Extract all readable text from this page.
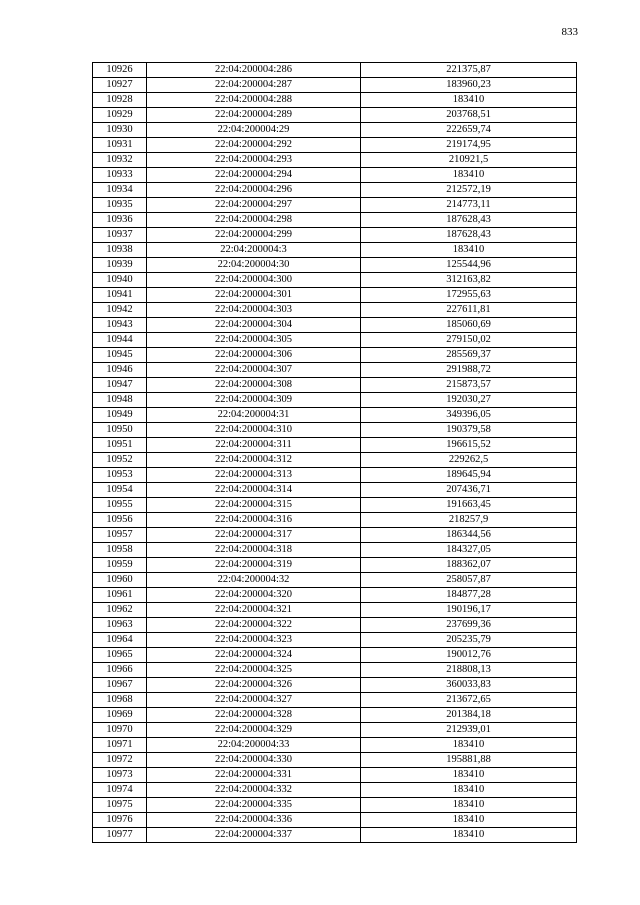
833
10926	22:04:200004:286	221375,87
10927	22:04:200004:287	183960,23
10928	22:04:200004:288	183410
10929	22:04:200004:289	203768,51
10930	22:04:200004:29	222659,74
10931	22:04:200004:292	219174,95
10932	22:04:200004:293	210921,5
10933	22:04:200004:294	183410
10934	22:04:200004:296	212572,19
10935	22:04:200004:297	214773,11
10936	22:04:200004:298	187628,43
10937	22:04:200004:299	187628,43
10938	22:04:200004:3	183410
10939	22:04:200004:30	125544,96
10940	22:04:200004:300	312163,82
10941	22:04:200004:301	172955,63
10942	22:04:200004:303	227611,81
10943	22:04:200004:304	185060,69
10944	22:04:200004:305	279150,02
10945	22:04:200004:306	285569,37
10946	22:04:200004:307	291988,72
10947	22:04:200004:308	215873,57
10948	22:04:200004:309	192030,27
10949	22:04:200004:31	349396,05
10950	22:04:200004:310	190379,58
10951	22:04:200004:311	196615,52
10952	22:04:200004:312	229262,5
10953	22:04:200004:313	189645,94
10954	22:04:200004:314	207436,71
10955	22:04:200004:315	191663,45
10956	22:04:200004:316	218257,9
10957	22:04:200004:317	186344,56
10958	22:04:200004:318	184327,05
10959	22:04:200004:319	188362,07
10960	22:04:200004:32	258057,87
10961	22:04:200004:320	184877,28
10962	22:04:200004:321	190196,17
10963	22:04:200004:322	237699,36
10964	22:04:200004:323	205235,79
10965	22:04:200004:324	190012,76
10966	22:04:200004:325	218808,13
10967	22:04:200004:326	360033,83
10968	22:04:200004:327	213672,65
10969	22:04:200004:328	201384,18
10970	22:04:200004:329	212939,01
10971	22:04:200004:33	183410
10972	22:04:200004:330	195881,88
10973	22:04:200004:331	183410
10974	22:04:200004:332	183410
10975	22:04:200004:335	183410
10976	22:04:200004:336	183410
10977	22:04:200004:337	183410
